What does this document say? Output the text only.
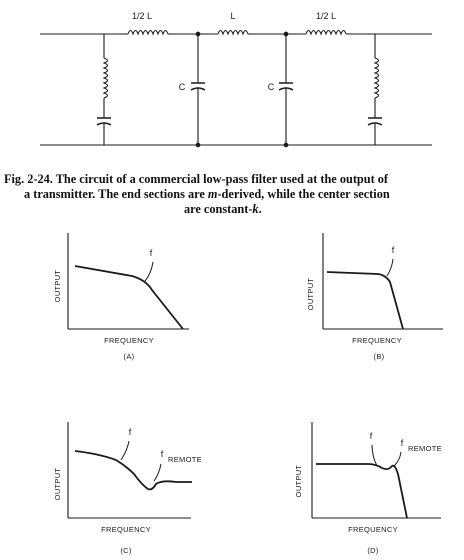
1/2 L	L	1/2 L
C	C
f
OUTPUT
FREQUENCY
(A)
f
OUTPUT
FREQUENCY
(B)
f
f
REMOTE
OUTPUT
FREQUENCY
(C)
f
f
REMOTE
OUTPUT
FREQUENCY
(D)
Fig. 2-24. The circuit of a commercial low-pass filter used at the output of
a transmitter. The end sections are m-derived, while the center section
are constant-k.
